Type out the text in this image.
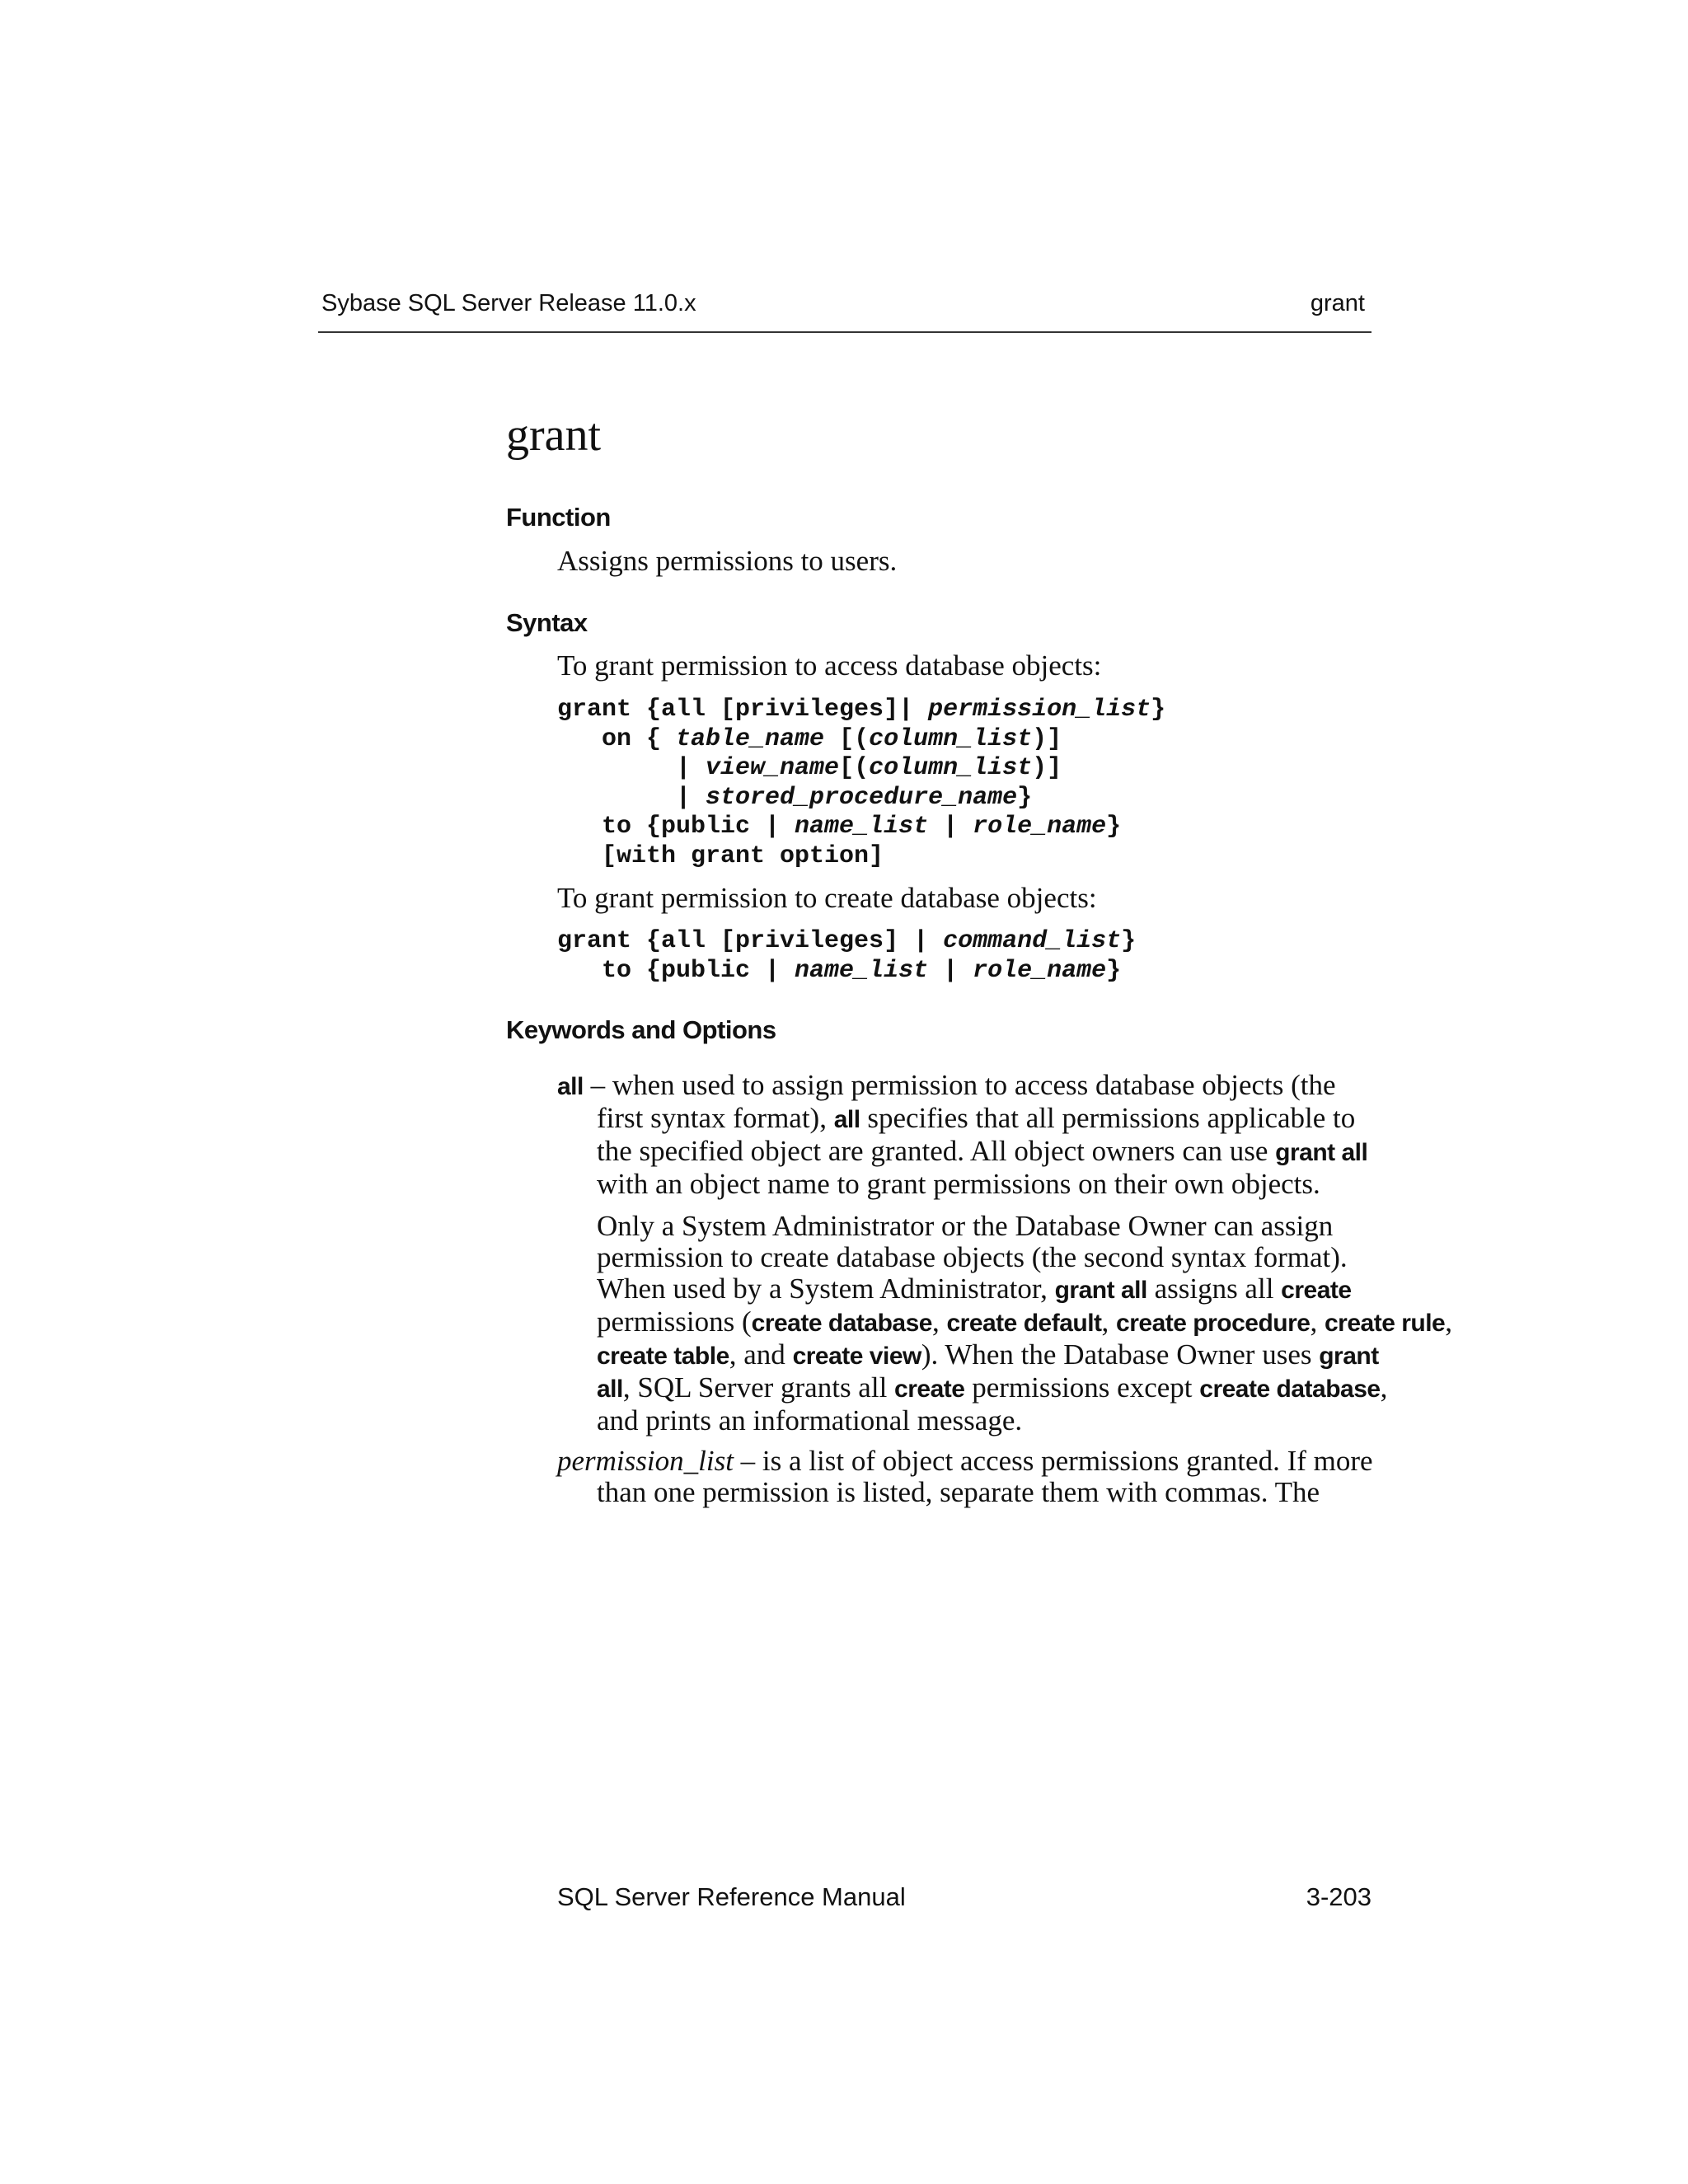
Sybase SQL Server Release 11.0.x	grant
grant
Function
Assigns permissions to users.
Syntax
To grant permission to access database objects:
grant {all [privileges]| permission_list}
on { table_name [(column_list)]
| view_name[(column_list)]
| stored_procedure_name}
to {public | name_list | role_name}
[with grant option]
To grant permission to create database objects:
grant {all [privileges] | command_list}
to {public | name_list | role_name}
Keywords and Options
all – when used to assign permission to access database objects (the
first syntax format), all specifies that all permissions applicable to
the specified object are granted. All object owners can use grant all
with an object name to grant permissions on their own objects.
Only a System Administrator or the Database Owner can assign
permission to create database objects (the second syntax format).
When used by a System Administrator, grant all assigns all create
permissions (create database, create default, create procedure, create rule,
create table, and create view). When the Database Owner uses grant
all, SQL Server grants all create permissions except create database,
and prints an informational message.
permission_list – is a list of object access permissions granted. If more
than one permission is listed, separate them with commas. The
SQL Server Reference Manual	3-203
